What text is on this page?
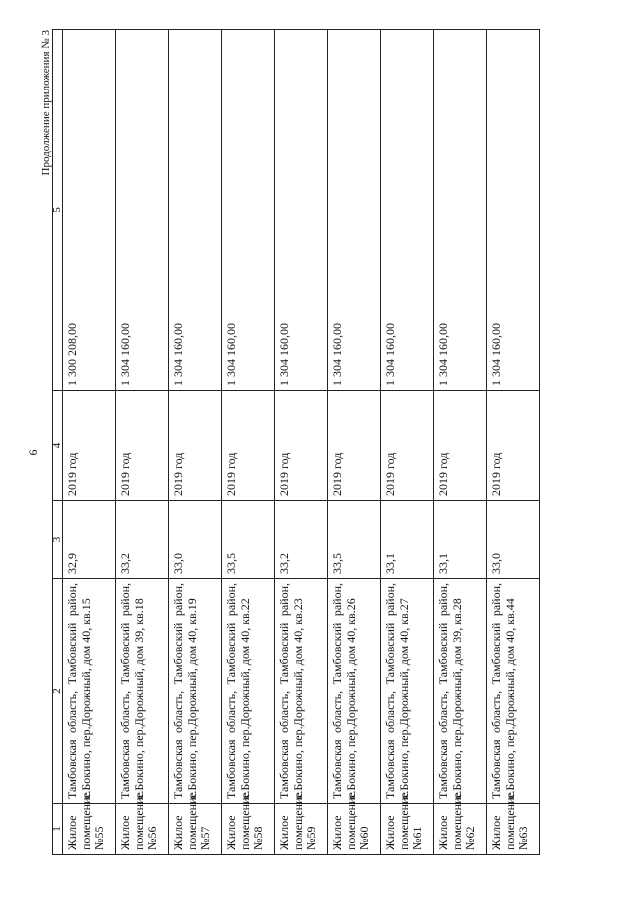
6
Продолжение приложения № 3
1	2	3	4	5
Жилое помещение №55	Тамбовская область, Тамбовский район, с.Бокино, пер.Дорожный, дом 40, кв.15	32,9	2019 год	1 300 208,00
Жилое помещение №56	Тамбовская область, Тамбовский район, с.Бокино, пер.Дорожный, дом 39, кв.18	33,2	2019 год	1 304 160,00
Жилое помещение №57	Тамбовская область, Тамбовский район, с.Бокино, пер.Дорожный, дом 40, кв.19	33,0	2019 год	1 304 160,00
Жилое помещение №58	Тамбовская область, Тамбовский район, с.Бокино, пер.Дорожный, дом 40, кв.22	33,5	2019 год	1 304 160,00
Жилое помещение №59	Тамбовская область, Тамбовский район, с.Бокино, пер.Дорожный, дом 40, кв.23	33,2	2019 год	1 304 160,00
Жилое помещение №60	Тамбовская область, Тамбовский район, с.Бокино, пер.Дорожный, дом 40, кв.26	33,5	2019 год	1 304 160,00
Жилое помещение №61	Тамбовская область, Тамбовский район, с.Бокино, пер.Дорожный, дом 40, кв.27	33,1	2019 год	1 304 160,00
Жилое помещение №62	Тамбовская область, Тамбовский район, с.Бокино, пер.Дорожный, дом 39, кв.28	33,1	2019 год	1 304 160,00
Жилое помещение №63	Тамбовская область, Тамбовский район, с.Бокино, пер.Дорожный, дом 40, кв.44	33,0	2019 год	1 304 160,00
